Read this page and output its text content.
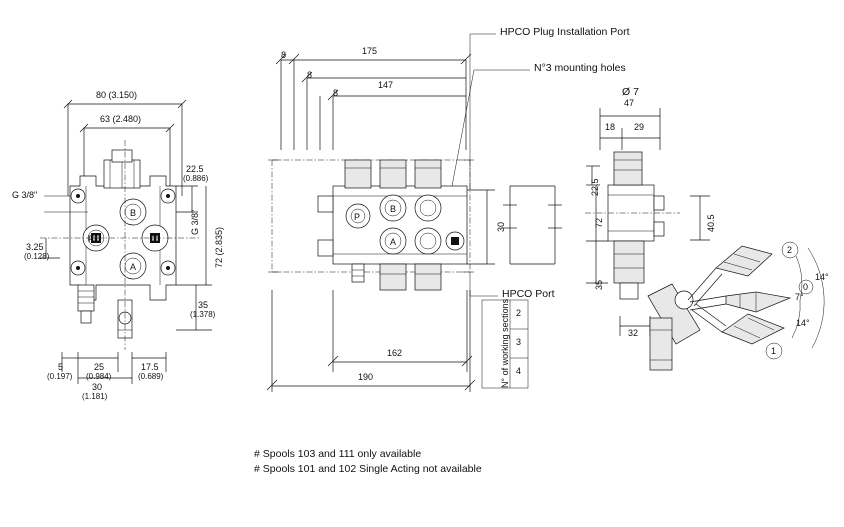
HPCO Plug Installation Port
N°3 mounting holes
HPCO Port
Ø 7
80 (3.150)
63 (2.480)
22.5
(0.886)
72 (2.835)
35
(1.378)
3.25
(0.128)
5
(0.197)
25
(0.984)
17.5
(0.689)
30
(1.181)
G 3/8"
G 3/8"
A
B
P	T
8
8
8
175
147
162
190
30
P
A
B
N° of working sections 2
3
4
47
18 29
22.5
72	40.5
35
32
2
1
0
14°
7°
14°
# Spools 103 and 111 only available
# Spools 101 and 102 Single Acting not available
